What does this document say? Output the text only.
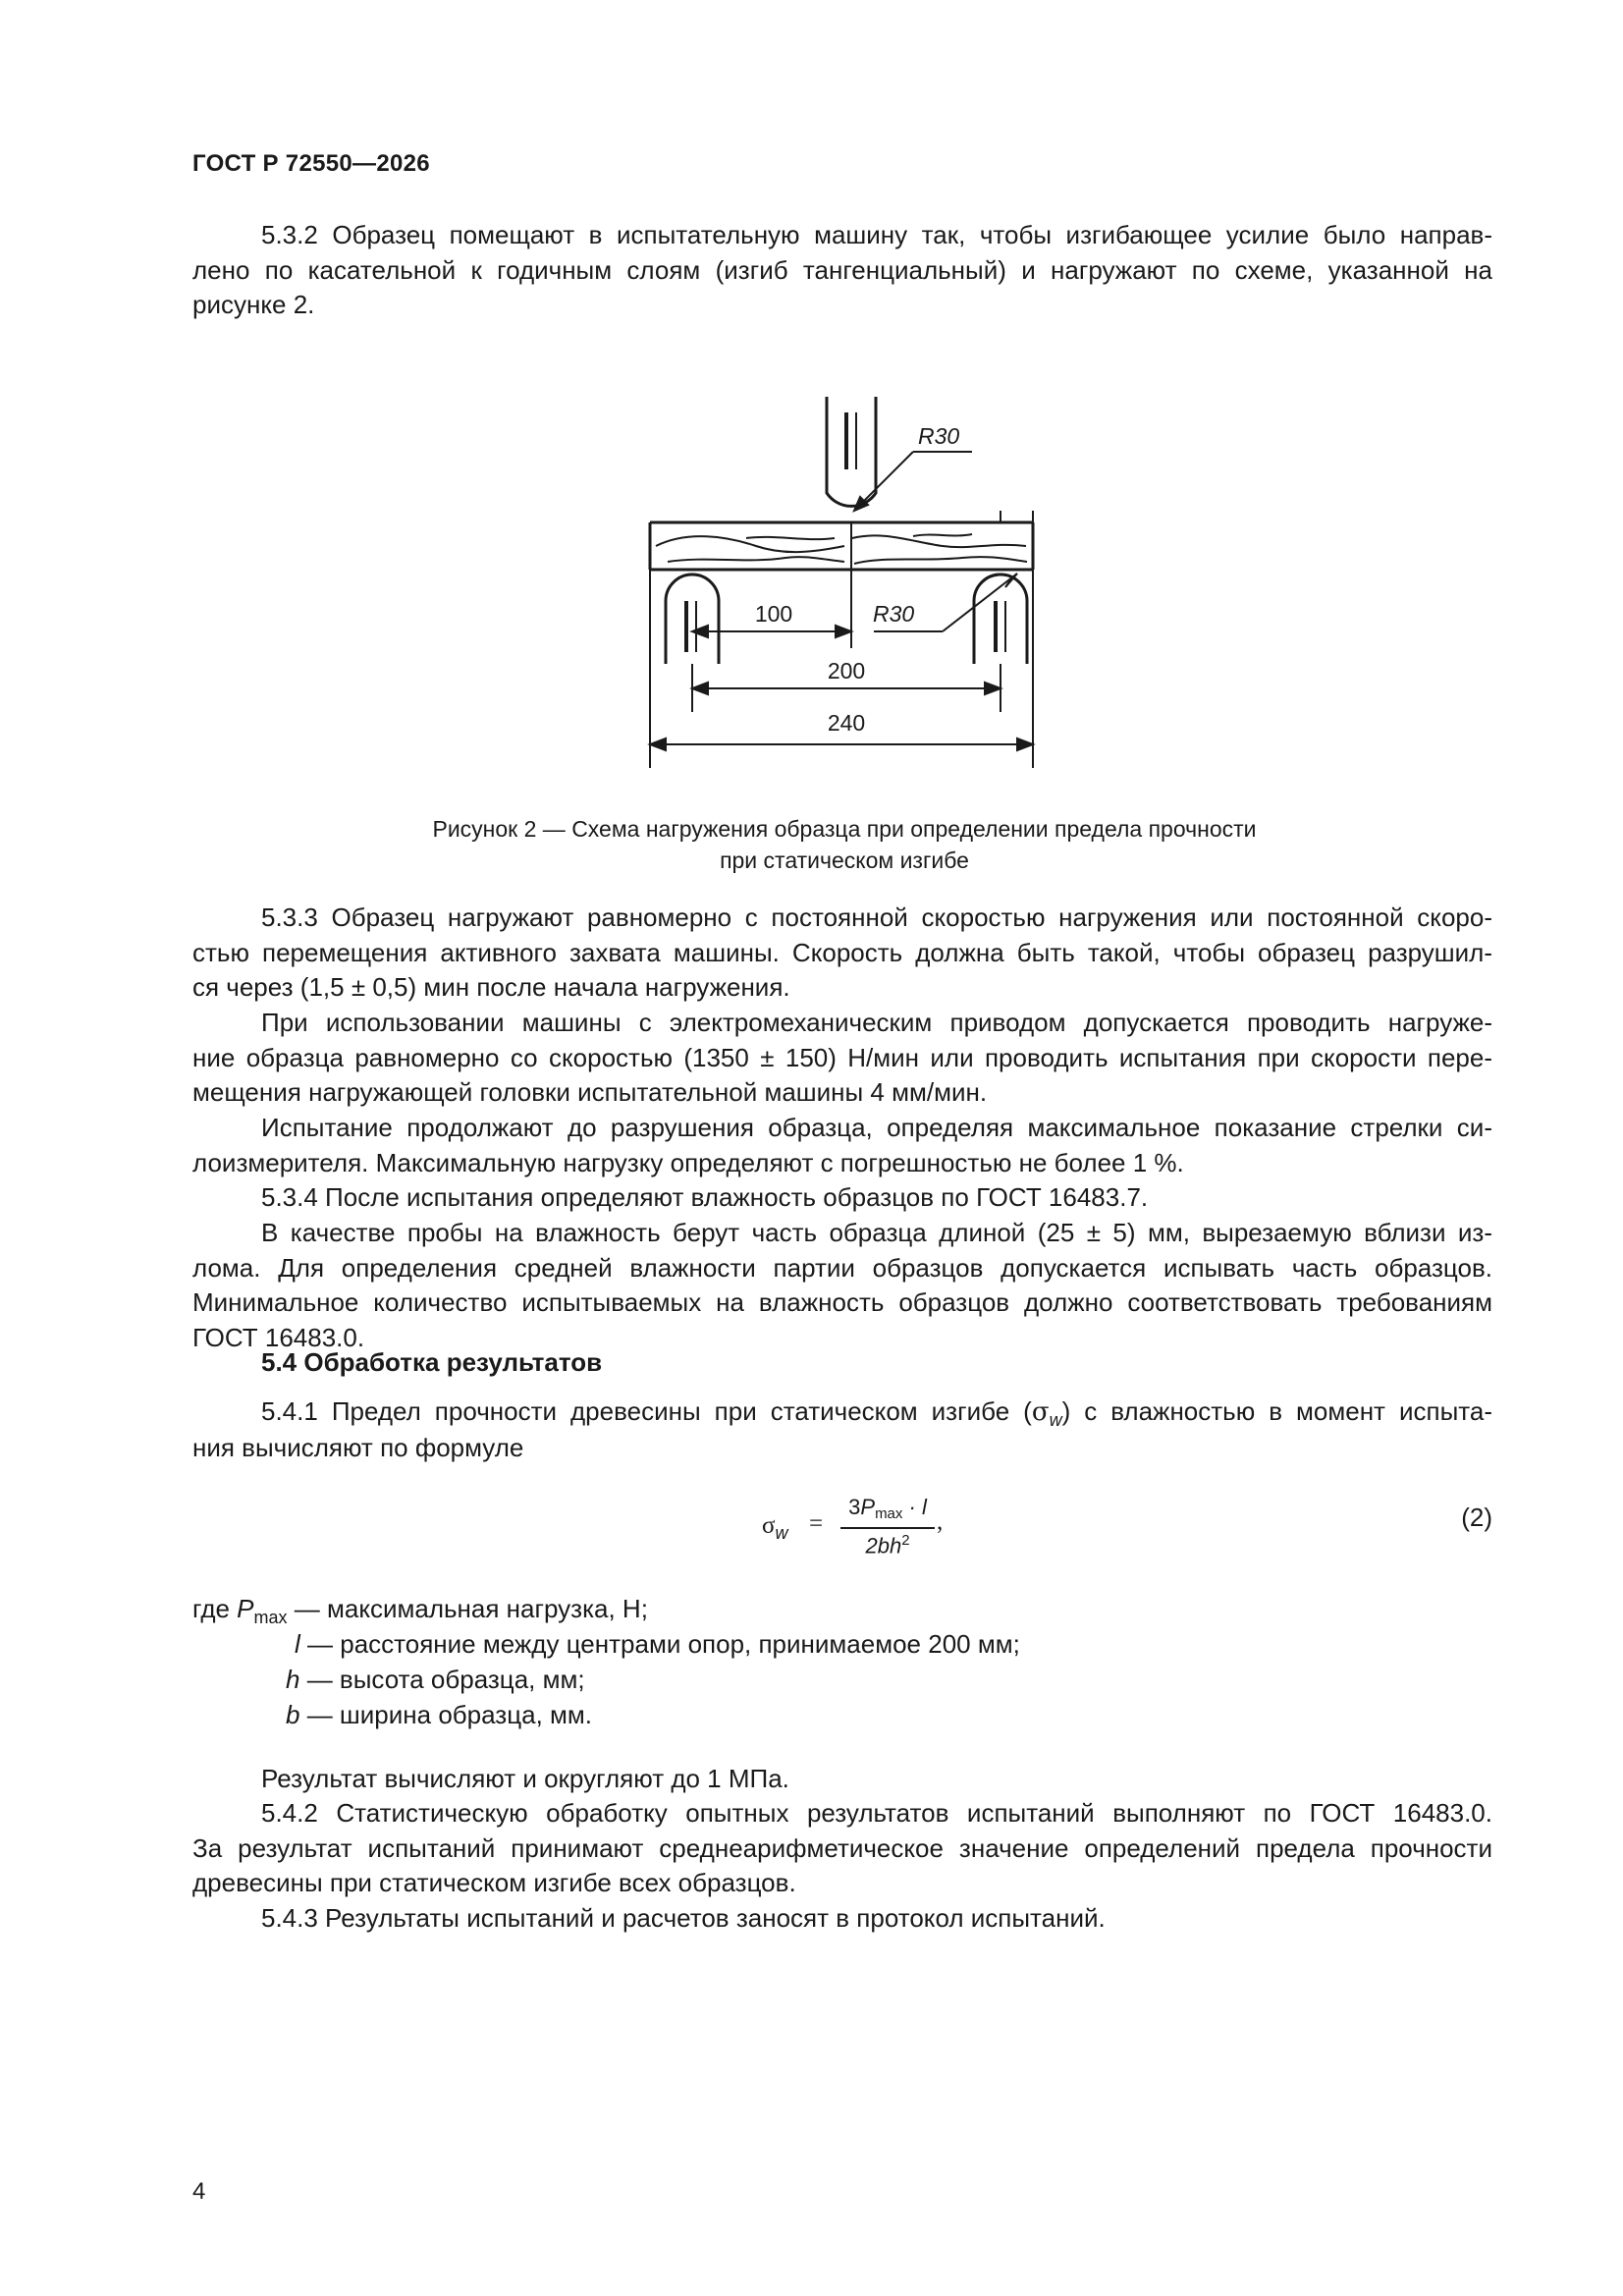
ГОСТ Р 72550—2026
5.3.2 Образец помещают в испытательную машину так, чтобы изгибающее усилие было направ-
лено по касательной к годичным слоям (изгиб тангенциальный) и нагружают по схеме, указанной на
рисунке 2.
R30
R30
100
200
240
Рисунок 2 — Схема нагружения образца при определении предела прочности
при статическом изгибе
5.3.3 Образец нагружают равномерно с постоянной скоростью нагружения или постоянной скоро-
стью перемещения активного захвата машины. Скорость должна быть такой, чтобы образец разрушил-
ся через (1,5 ± 0,5) мин после начала нагружения.
При использовании машины с электромеханическим приводом допускается проводить нагруже-
ние образца равномерно со скоростью (1350 ± 150) Н/мин или проводить испытания при скорости пере-
мещения нагружающей головки испытательной машины 4 мм/мин.
Испытание продолжают до разрушения образца, определяя максимальное показание стрелки си-
лоизмерителя. Максимальную нагрузку определяют с погрешностью не более 1 %.
5.3.4 После испытания определяют влажность образцов по ГОСТ 16483.7.
В качестве пробы на влажность берут часть образца длиной (25 ± 5) мм, вырезаемую вблизи из-
лома. Для определения средней влажности партии образцов допускается испывать часть образцов.
Минимальное количество испытываемых на влажность образцов должно соответствовать требованиям
ГОСТ 16483.0.
5.4 Обработка результатов
5.4.1 Предел прочности древесины при статическом изгибе $(\sigma_w)$ с влажностью в момент испыта-
ния вычисляют по формуле
$\sigma_w$ =
$3P_{max} \cdot l$
$2bh^2$
,	(2)
где $P_{max}$ — максимальная нагрузка, Н;
l — расстояние между центрами опор, принимаемое 200 мм;
h — высота образца, мм;
b — ширина образца, мм.
Результат вычисляют и округляют до 1 МПа.
5.4.2 Статистическую обработку опытных результатов испытаний выполняют по ГОСТ 16483.0.
За результат испытаний принимают среднеарифметическое значение определений предела прочности
древесины при статическом изгибе всех образцов.
5.4.3 Результаты испытаний и расчетов заносят в протокол испытаний.
4
